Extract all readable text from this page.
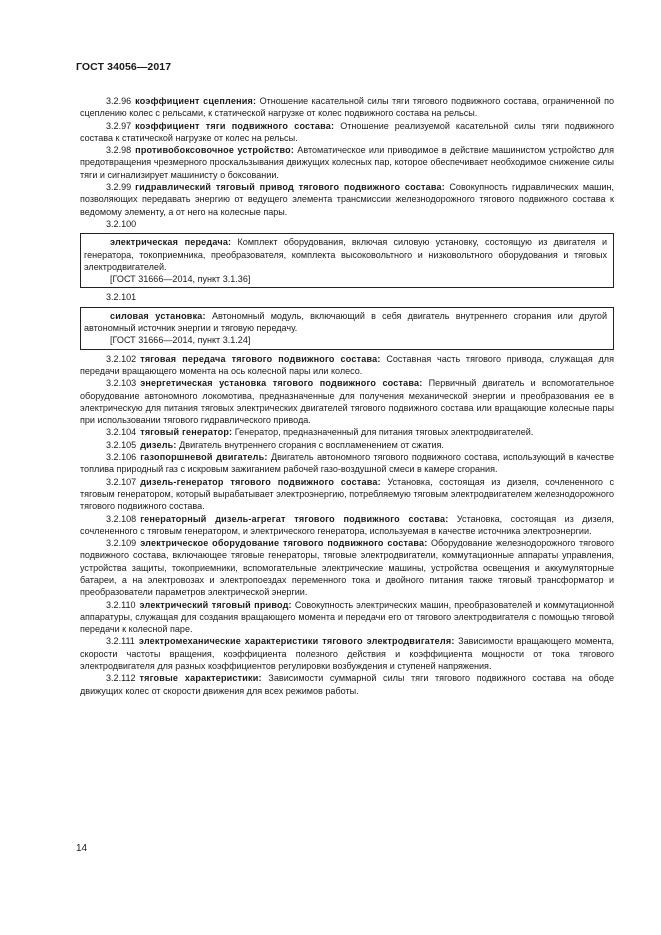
ГОСТ 34056—2017

3.2.96 коэффициент сцепления: Отношение касательной силы тяги тягового подвижного состава, ограниченной по сцеплению колес с рельсами, к статической нагрузке от колес подвижного состава на рельсы.

3.2.97 коэффициент тяги подвижного состава: Отношение реализуемой касательной силы тяги подвижного состава к статической нагрузке от колес на рельсы.

3.2.98 противобоксовочное устройство: Автоматическое или приводимое в действие машинистом устройство для предотвращения чрезмерного проскальзывания движущих колесных пар, которое обеспечивает необходимое снижение силы тяги и сигнализирует машинисту о боксовании.

3.2.99 гидравлический тяговый привод тягового подвижного состава: Совокупность гидравлических машин, позволяющих передавать энергию от ведущего элемента трансмиссии железнодорожного тягового подвижного состава к ведомому элементу, а от него на колесные пары.

3.2.100

электрическая передача: Комплект оборудования, включая силовую установку, состоящую из двигателя и генератора, токоприемника, преобразователя, комплекта высоковольтного и низковольтного оборудования и тяговых электродвигателей.

[ГОСТ 31666—2014, пункт 3.1.36]

3.2.101

силовая установка: Автономный модуль, включающий в себя двигатель внутреннего сгорания или другой автономный источник энергии и тяговую передачу.

[ГОСТ 31666—2014, пункт 3.1.24]

3.2.102 тяговая передача тягового подвижного состава: Составная часть тягового привода, служащая для передачи вращающего момента на ось колесной пары или колесо.

3.2.103 энергетическая установка тягового подвижного состава: Первичный двигатель и вспомогательное оборудование автономного локомотива, предназначенные для получения механической энергии и преобразования ее в электрическую для питания тяговых электрических двигателей тягового подвижного состава или вращающие колесные пары при использовании тягового гидравлического привода.

3.2.104 тяговый генератор: Генератор, предназначенный для питания тяговых электродвигателей.

3.2.105 дизель: Двигатель внутреннего сгорания с воспламенением от сжатия.

3.2.106 газопоршневой двигатель: Двигатель автономного тягового подвижного состава, использующий в качестве топлива природный газ с искровым зажиганием рабочей газо-воздушной смеси в камере сгорания.

3.2.107 дизель-генератор тягового подвижного состава: Установка, состоящая из дизеля, сочлененного с тяговым генератором, который вырабатывает электроэнергию, потребляемую тяговым электродвигателем железнодорожного тягового подвижного состава.

3.2.108 генераторный дизель-агрегат тягового подвижного состава: Установка, состоящая из дизеля, сочлененного с тяговым генератором, и электрического генератора, используемая в качестве источника электроэнергии.

3.2.109 электрическое оборудование тягового подвижного состава: Оборудование железнодорожного тягового подвижного состава, включающее тяговые генераторы, тяговые электродвигатели, коммутационные аппараты управления, устройства защиты, токоприемники, вспомогательные электрические машины, устройства освещения и аккумуляторные батареи, а на электровозах и электропоездах переменного тока и двойного питания также тяговый трансформатор и преобразователи параметров электрической энергии.

3.2.110 электрический тяговый привод: Совокупность электрических машин, преобразователей и коммутационной аппаратуры, служащая для создания вращающего момента и передачи его от тягового электродвигателя с помощью тяговой передачи к колесной паре.

3.2.111 электромеханические характеристики тягового электродвигателя: Зависимости вращающего момента, скорости частоты вращения, коэффициента полезного действия и коэффициента мощности от тока тягового электродвигателя для разных коэффициентов регулировки возбуждения и ступеней напряжения.

3.2.112 тяговые характеристики: Зависимости суммарной силы тяги тягового подвижного состава на ободе движущих колес от скорости движения для всех режимов работы.

14
